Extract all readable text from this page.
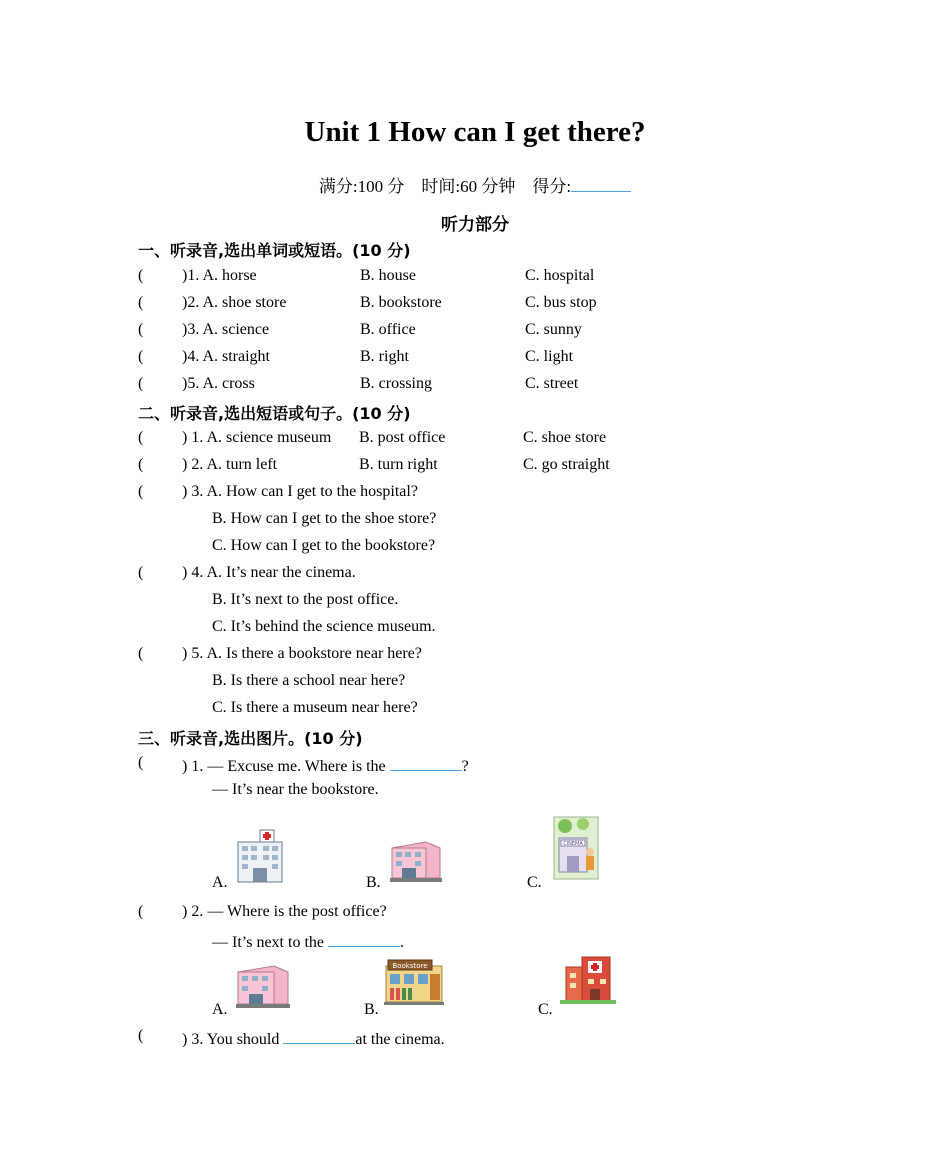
Unit 1 How can I get there?
满分:100 分 时间:60 分钟 得分:
听力部分
一、听录音,选出单词或短语。(10 分)
( )1. A. horse	B. house	C. hospital
( )2. A. shoe store	B. bookstore	C. bus stop
( )3. A. science	B. office	C. sunny
( )4. A. straight	B. right	C. light
( )5. A. cross	B. crossing	C. street
二、听录音,选出短语或句子。(10 分)
( ) 1. A. science museum B. post office	C. shoe store
( ) 2. A. turn left	B. turn right	C. go straight
( ) 3. A. How can I get to the hospital?
B. How can I get to the shoe store?
C. How can I get to the bookstore?
( ) 4. A. It’s near the cinema.
B. It’s next to the post office.
C. It’s behind the science museum.
( ) 5. A. Is there a bookstore near here?
B. Is there a school near here?
C. Is there a museum near here?
三、听录音,选出图片。(10 分)
( ) 1. — Excuse me. Where is the	?
— It’s near the bookstore.
A.	B.	C.
CINEMA
( ) 2. — Where is the post office?
— It’s next to the	.
A.	B.	C.
Bookstore
( ) 3. You should	at the cinema.
